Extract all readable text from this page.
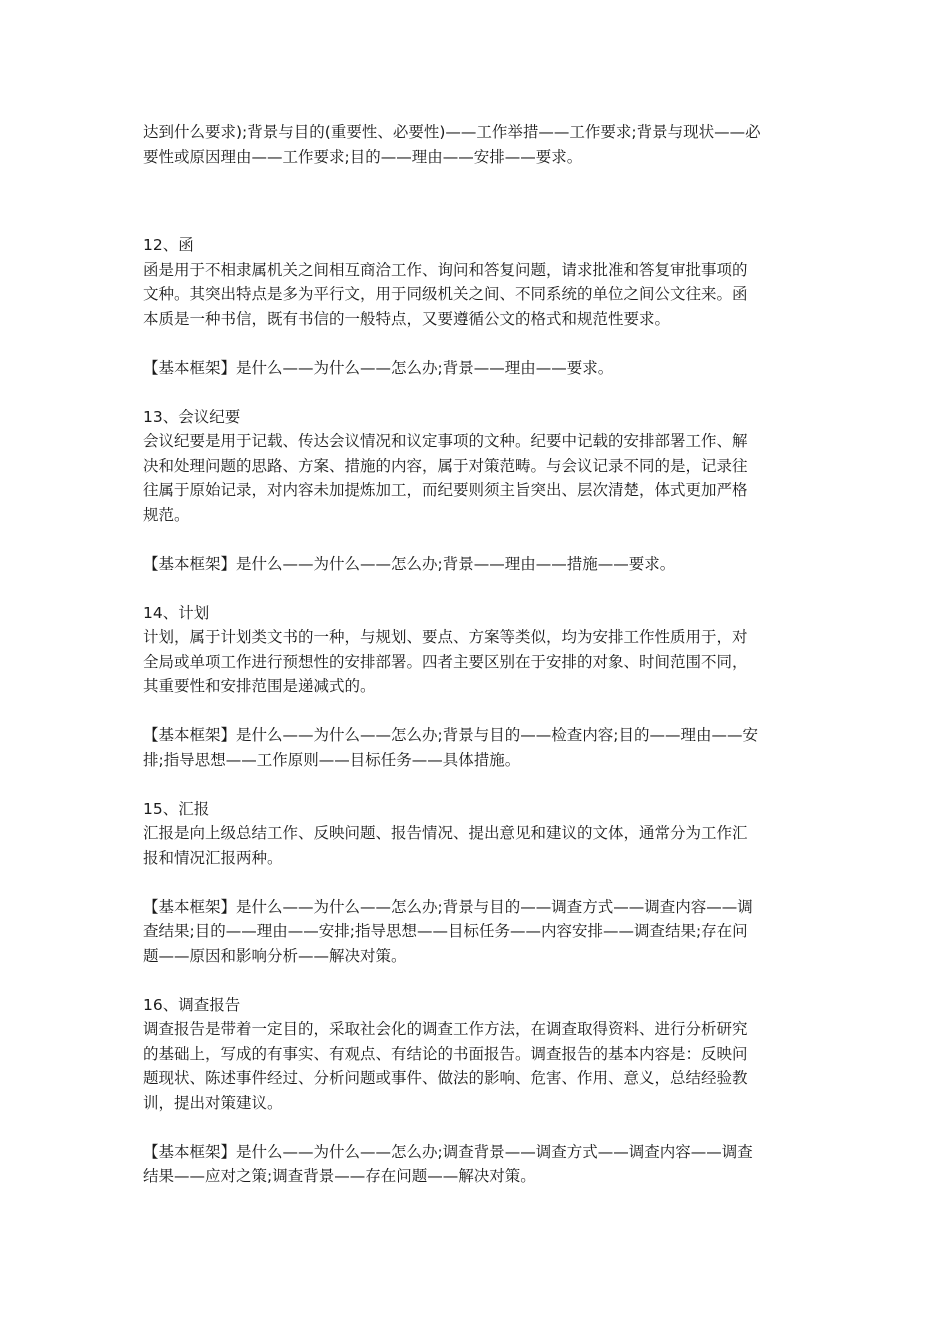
达到什么要求);背景与目的(重要性、必要性)——工作举措——工作要求;背景与现状——必
要性或原因理由——工作要求;目的——理由——安排——要求。
12、函
函是用于不相隶属机关之间相互商洽工作、询问和答复问题，请求批准和答复审批事项的
文种。其突出特点是多为平行文，用于同级机关之间、不同系统的单位之间公文往来。函
本质是一种书信，既有书信的一般特点，又要遵循公文的格式和规范性要求。
【基本框架】是什么——为什么——怎么办;背景——理由——要求。
13、会议纪要
会议纪要是用于记载、传达会议情况和议定事项的文种。纪要中记载的安排部署工作、解
决和处理问题的思路、方案、措施的内容，属于对策范畴。与会议记录不同的是，记录往
往属于原始记录，对内容未加提炼加工，而纪要则须主旨突出、层次清楚，体式更加严格
规范。
【基本框架】是什么——为什么——怎么办;背景——理由——措施——要求。
14、计划
计划，属于计划类文书的一种，与规划、要点、方案等类似，均为安排工作性质用于，对
全局或单项工作进行预想性的安排部署。四者主要区别在于安排的对象、时间范围不同，
其重要性和安排范围是递减式的。
【基本框架】是什么——为什么——怎么办;背景与目的——检查内容;目的——理由——安
排;指导思想——工作原则——目标任务——具体措施。
15、汇报
汇报是向上级总结工作、反映问题、报告情况、提出意见和建议的文体，通常分为工作汇
报和情况汇报两种。
【基本框架】是什么——为什么——怎么办;背景与目的——调查方式——调查内容——调
查结果;目的——理由——安排;指导思想——目标任务——内容安排——调查结果;存在问
题——原因和影响分析——解决对策。
16、调查报告
调查报告是带着一定目的，采取社会化的调查工作方法，在调查取得资料、进行分析研究
的基础上，写成的有事实、有观点、有结论的书面报告。调查报告的基本内容是：反映问
题现状、陈述事件经过、分析问题或事件、做法的影响、危害、作用、意义，总结经验教
训，提出对策建议。
【基本框架】是什么——为什么——怎么办;调查背景——调查方式——调查内容——调查
结果——应对之策;调查背景——存在问题——解决对策。
